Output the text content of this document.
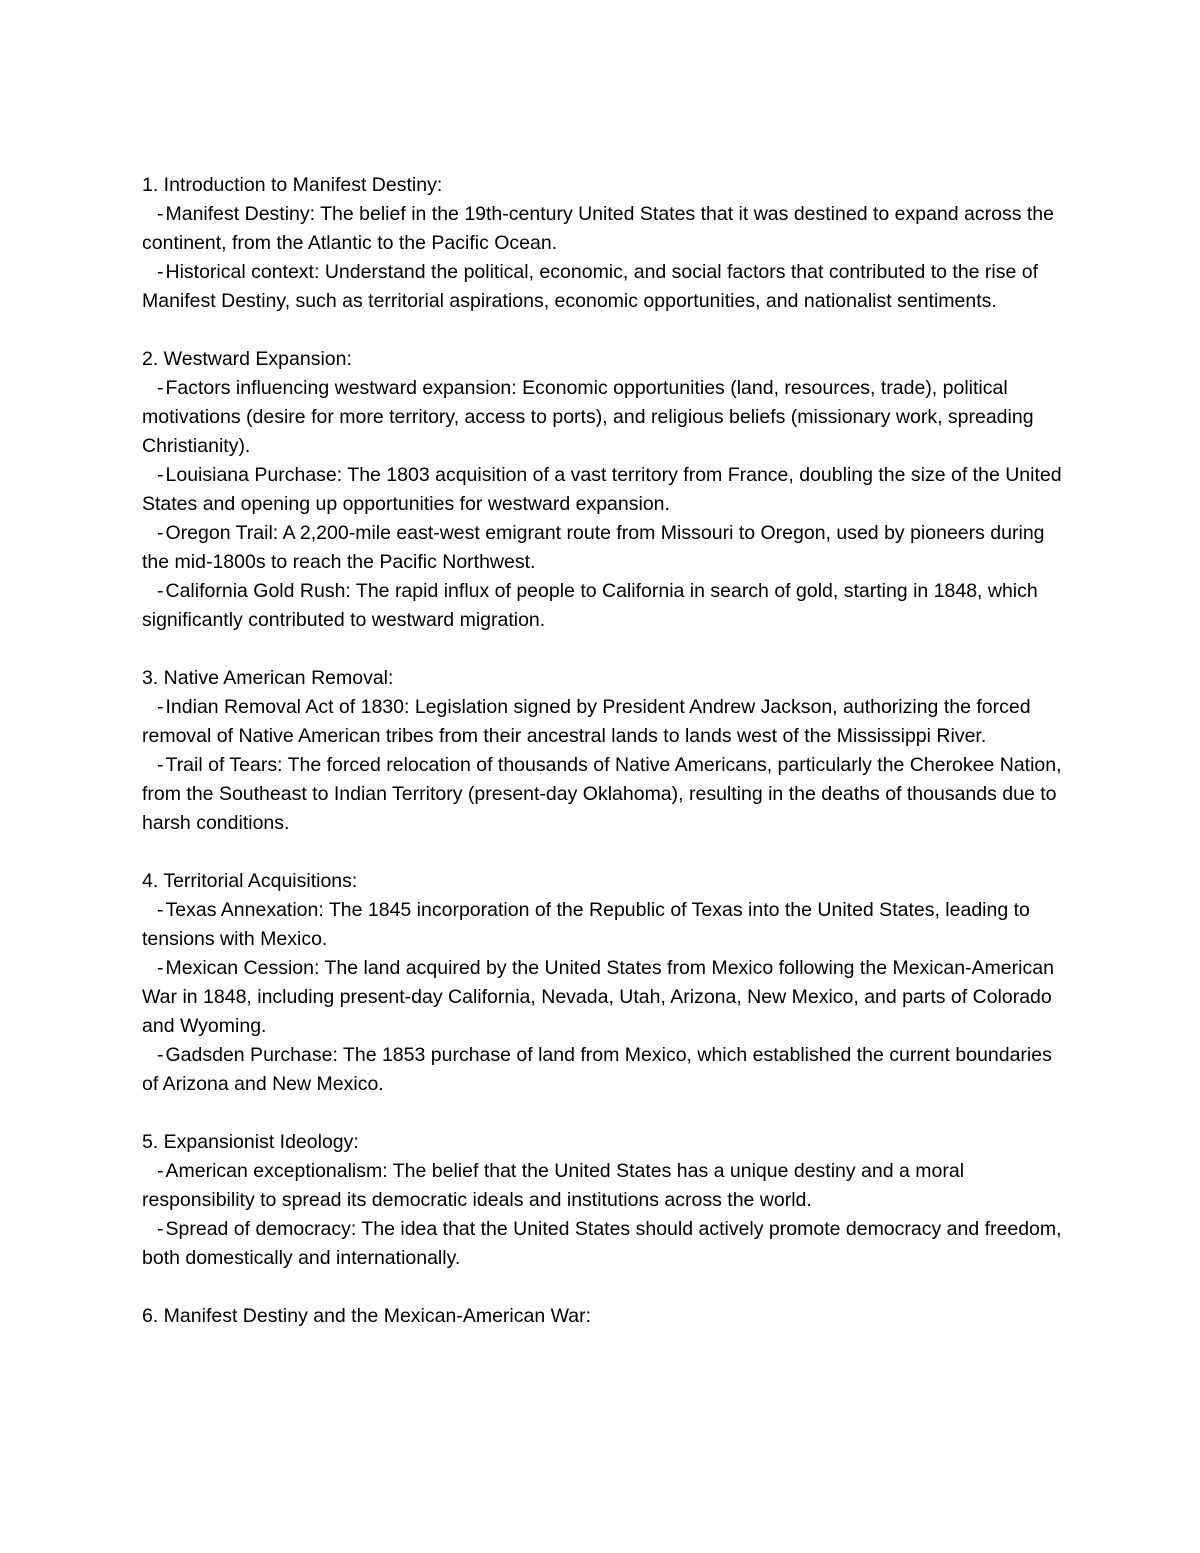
1. Introduction to Manifest Destiny:

- Manifest Destiny: The belief in the 19th-century United States that it was destined to expand across the continent, from the Atlantic to the Pacific Ocean.

- Historical context: Understand the political, economic, and social factors that contributed to the rise of Manifest Destiny, such as territorial aspirations, economic opportunities, and nationalist sentiments.

2. Westward Expansion:

- Factors influencing westward expansion: Economic opportunities (land, resources, trade), political motivations (desire for more territory, access to ports), and religious beliefs (missionary work, spreading Christianity).

- Louisiana Purchase: The 1803 acquisition of a vast territory from France, doubling the size of the United States and opening up opportunities for westward expansion.

- Oregon Trail: A 2,200-mile east-west emigrant route from Missouri to Oregon, used by pioneers during the mid-1800s to reach the Pacific Northwest.

- California Gold Rush: The rapid influx of people to California in search of gold, starting in 1848, which significantly contributed to westward migration.

3. Native American Removal:

- Indian Removal Act of 1830: Legislation signed by President Andrew Jackson, authorizing the forced removal of Native American tribes from their ancestral lands to lands west of the Mississippi River.

- Trail of Tears: The forced relocation of thousands of Native Americans, particularly the Cherokee Nation, from the Southeast to Indian Territory (present-day Oklahoma), resulting in the deaths of thousands due to harsh conditions.

4. Territorial Acquisitions:

- Texas Annexation: The 1845 incorporation of the Republic of Texas into the United States, leading to tensions with Mexico.

- Mexican Cession: The land acquired by the United States from Mexico following the Mexican-American War in 1848, including present-day California, Nevada, Utah, Arizona, New Mexico, and parts of Colorado and Wyoming.

- Gadsden Purchase: The 1853 purchase of land from Mexico, which established the current boundaries of Arizona and New Mexico.

5. Expansionist Ideology:

- American exceptionalism: The belief that the United States has a unique destiny and a moral responsibility to spread its democratic ideals and institutions across the world.

- Spread of democracy: The idea that the United States should actively promote democracy and freedom, both domestically and internationally.

6. Manifest Destiny and the Mexican-American War:
